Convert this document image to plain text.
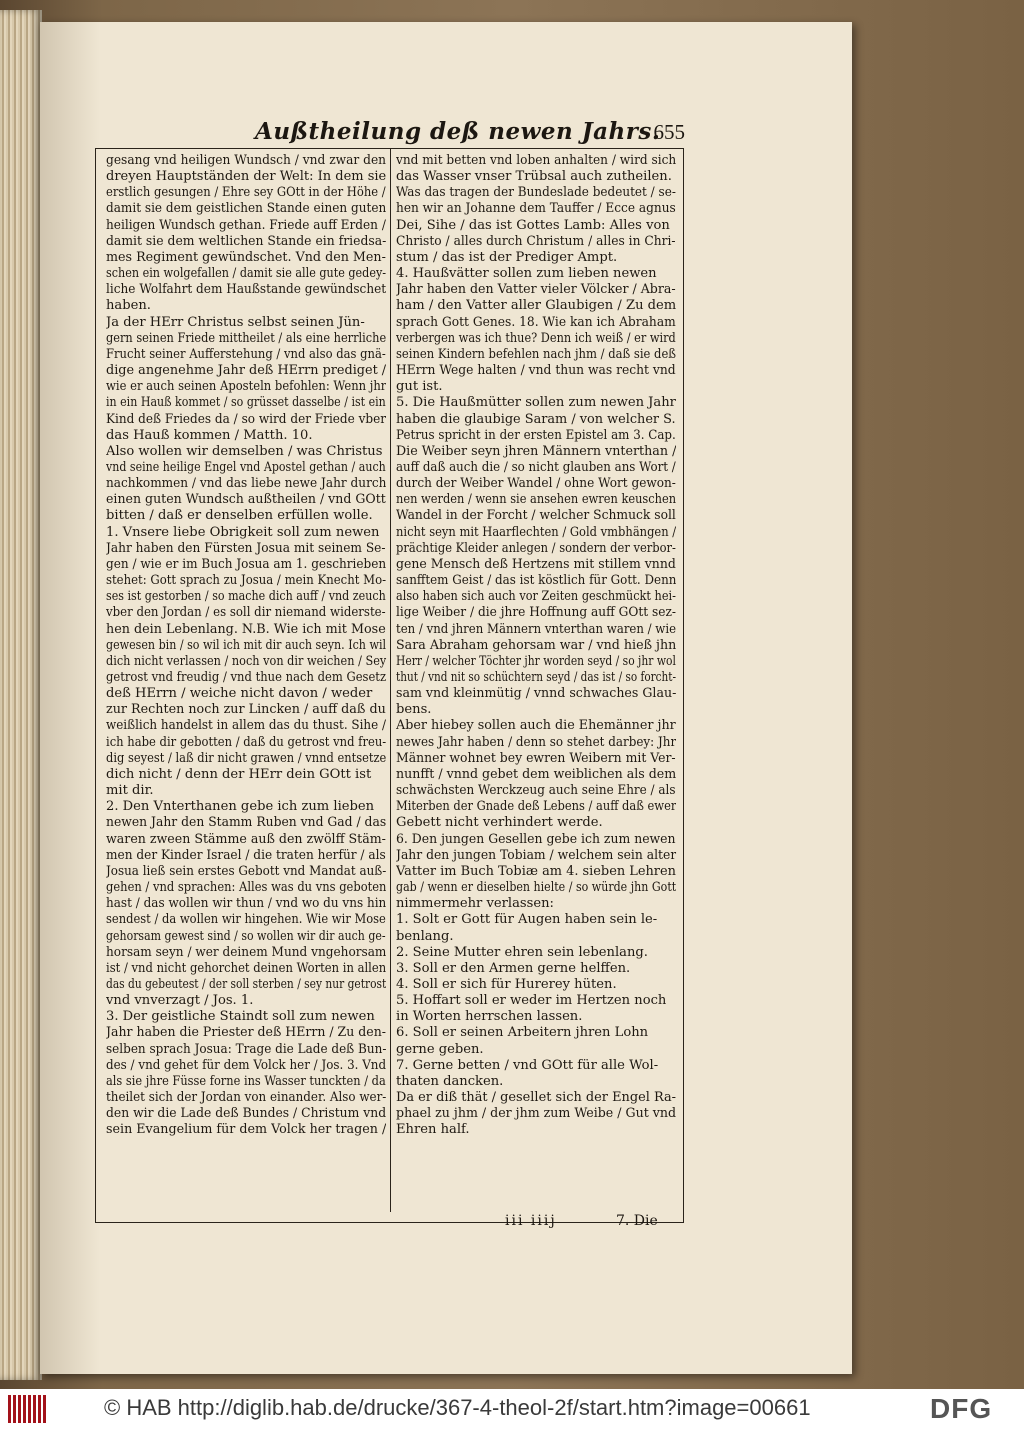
Außtheilung deß newen Jahrs.
655
gesang vnd heiligen Wundsch / vnd zwar den
dreyen Hauptständen der Welt: In dem sie
erstlich gesungen / Ehre sey GOtt in der Höhe /
damit sie dem geistlichen Stande einen guten
heiligen Wundsch gethan. Friede auff Erden /
damit sie dem weltlichen Stande ein friedsa-
mes Regiment gewündschet. Vnd den Men-
schen ein wolgefallen / damit sie alle gute gedey-
liche Wolfahrt dem Haußstande gewündschet
haben.
Ja der HErr Christus selbst seinen Jün-
gern seinen Friede mittheilet / als eine herrliche
Frucht seiner Aufferstehung / vnd also das gnä-
dige angenehme Jahr deß HErrn prediget /
wie er auch seinen Aposteln befohlen: Wenn jhr
in ein Hauß kommet / so grüsset dasselbe / ist ein
Kind deß Friedes da / so wird der Friede vber
das Hauß kommen / Matth. 10.
Also wollen wir demselben / was Christus
vnd seine heilige Engel vnd Apostel gethan / auch
nachkommen / vnd das liebe newe Jahr durch
einen guten Wundsch außtheilen / vnd GOtt
bitten / daß er denselben erfüllen wolle.
1. Vnsere liebe Obrigkeit soll zum newen
Jahr haben den Fürsten Josua mit seinem Se-
gen / wie er im Buch Josua am 1. geschrieben
stehet: Gott sprach zu Josua / mein Knecht Mo-
ses ist gestorben / so mache dich auff / vnd zeuch
vber den Jordan / es soll dir niemand widerste-
hen dein Lebenlang. N.B. Wie ich mit Mose
gewesen bin / so wil ich mit dir auch seyn. Ich wil
dich nicht verlassen / noch von dir weichen / Sey
getrost vnd freudig / vnd thue nach dem Gesetz
deß HErrn / weiche nicht davon / weder
zur Rechten noch zur Lincken / auff daß du
weißlich handelst in allem das du thust. Sihe /
ich habe dir gebotten / daß du getrost vnd freu-
dig seyest / laß dir nicht grawen / vnnd entsetze
dich nicht / denn der HErr dein GOtt ist
mit dir.
2. Den Vnterthanen gebe ich zum lieben
newen Jahr den Stamm Ruben vnd Gad / das
waren zween Stämme auß den zwölff Stäm-
men der Kinder Israel / die traten herfür / als
Josua ließ sein erstes Gebott vnd Mandat auß-
gehen / vnd sprachen: Alles was du vns geboten
hast / das wollen wir thun / vnd wo du vns hin
sendest / da wollen wir hingehen. Wie wir Mose
gehorsam gewest sind / so wollen wir dir auch ge-
horsam seyn / wer deinem Mund vngehorsam
ist / vnd nicht gehorchet deinen Worten in allen
das du gebeutest / der soll sterben / sey nur getrost
vnd vnverzagt / Jos. 1.
3. Der geistliche Staindt soll zum newen
Jahr haben die Priester deß HErrn / Zu den-
selben sprach Josua: Trage die Lade deß Bun-
des / vnd gehet für dem Volck her / Jos. 3. Vnd
als sie jhre Füsse forne ins Wasser tunckten / da
theilet sich der Jordan von einander. Also wer-
den wir die Lade deß Bundes / Christum vnd
sein Evangelium für dem Volck her tragen /
vnd mit betten vnd loben anhalten / wird sich
das Wasser vnser Trübsal auch zutheilen.
Was das tragen der Bundeslade bedeutet / se-
hen wir an Johanne dem Tauffer / Ecce agnus
Dei, Sihe / das ist Gottes Lamb: Alles von
Christo / alles durch Christum / alles in Chri-
stum / das ist der Prediger Ampt.
4. Haußvätter sollen zum lieben newen
Jahr haben den Vatter vieler Völcker / Abra-
ham / den Vatter aller Glaubigen / Zu dem
sprach Gott Genes. 18. Wie kan ich Abraham
verbergen was ich thue? Denn ich weiß / er wird
seinen Kindern befehlen nach jhm / daß sie deß
HErrn Wege halten / vnd thun was recht vnd
gut ist.
5. Die Haußmütter sollen zum newen Jahr
haben die glaubige Saram / von welcher S.
Petrus spricht in der ersten Epistel am 3. Cap.
Die Weiber seyn jhren Männern vnterthan /
auff daß auch die / so nicht glauben ans Wort /
durch der Weiber Wandel / ohne Wort gewon-
nen werden / wenn sie ansehen ewren keuschen
Wandel in der Forcht / welcher Schmuck soll
nicht seyn mit Haarflechten / Gold vmbhängen /
prächtige Kleider anlegen / sondern der verbor-
gene Mensch deß Hertzens mit stillem vnnd
sanfftem Geist / das ist köstlich für Gott. Denn
also haben sich auch vor Zeiten geschmückt hei-
lige Weiber / die jhre Hoffnung auff GOtt sez-
ten / vnd jhren Männern vnterthan waren / wie
Sara Abraham gehorsam war / vnd hieß jhn
Herr / welcher Töchter jhr worden seyd / so jhr wol
thut / vnd nit so schüchtern seyd / das ist / so forcht-
sam vnd kleinmütig / vnnd schwaches Glau-
bens.
Aber hiebey sollen auch die Ehemänner jhr
newes Jahr haben / denn so stehet darbey: Jhr
Männer wohnet bey ewren Weibern mit Ver-
nunfft / vnnd gebet dem weiblichen als dem
schwächsten Werckzeug auch seine Ehre / als
Miterben der Gnade deß Lebens / auff daß ewer
Gebett nicht verhindert werde.
6. Den jungen Gesellen gebe ich zum newen
Jahr den jungen Tobiam / welchem sein alter
Vatter im Buch Tobiæ am 4. sieben Lehren
gab / wenn er dieselben hielte / so würde jhn Gott
nimmermehr verlassen:
1. Solt er Gott für Augen haben sein le-
benlang.
2. Seine Mutter ehren sein lebenlang.
3. Soll er den Armen gerne helffen.
4. Soll er sich für Hurerey hüten.
5. Hoffart soll er weder im Hertzen noch
in Worten herrschen lassen.
6. Soll er seinen Arbeitern jhren Lohn
gerne geben.
7. Gerne betten / vnd GOtt für alle Wol-
thaten dancken.
Da er diß thät / gesellet sich der Engel Ra-
phael zu jhm / der jhm zum Weibe / Gut vnd
Ehren half.
iii iiij	7. Die
© HAB http://diglib.hab.de/drucke/367-4-theol-2f/start.htm?image=00661	DFG
